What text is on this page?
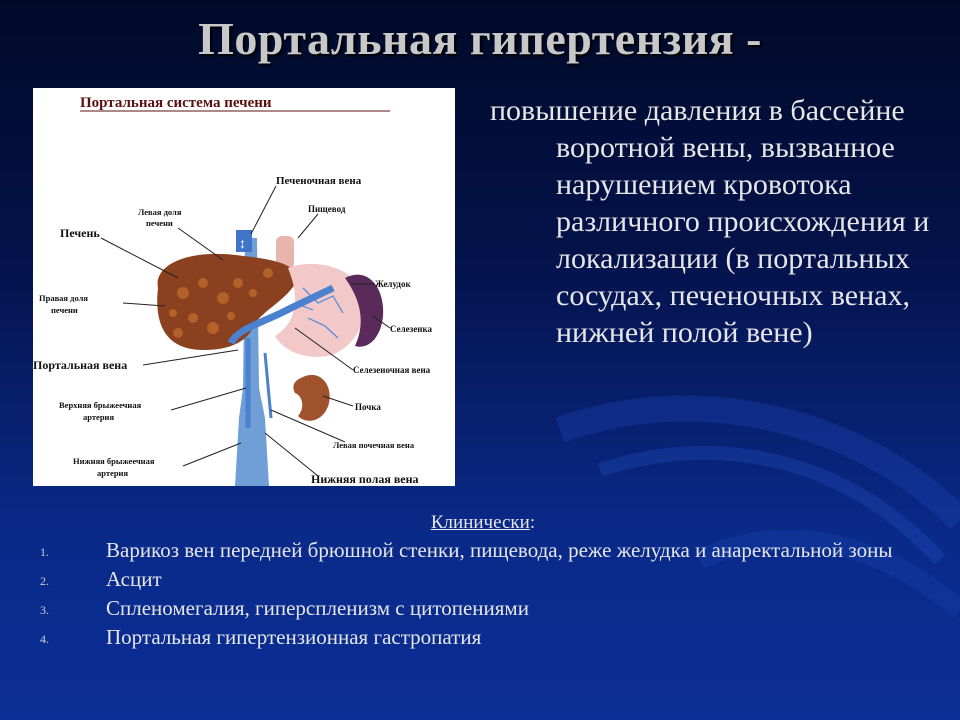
Портальная гипертензия -
Портальная система печени
↕
Печеночная вена
Левая доля
печени
Пищевод
Печень
Желудок
Правая доля
печени
Селезенка
Портальная вена	Селезеночная вена
Верхняя брыжеечная
артерия
Почка
Левая почечная вена
Нижняя брыжеечная
артерия	Нижняя полая вена
повышение давления в бассейне воротной вены, вызванное нарушением кровотока различного происхождения и локализации (в портальных сосудах, печеночных венах, нижней полой вене)
Клинически:
1.	Варикоз вен передней брюшной стенки, пищевода, реже желудка и анаректальной зоны
2.	Асцит
3.	Спленомегалия, гиперспленизм с цитопениями
4.	Портальная гипертензионная гастропатия
